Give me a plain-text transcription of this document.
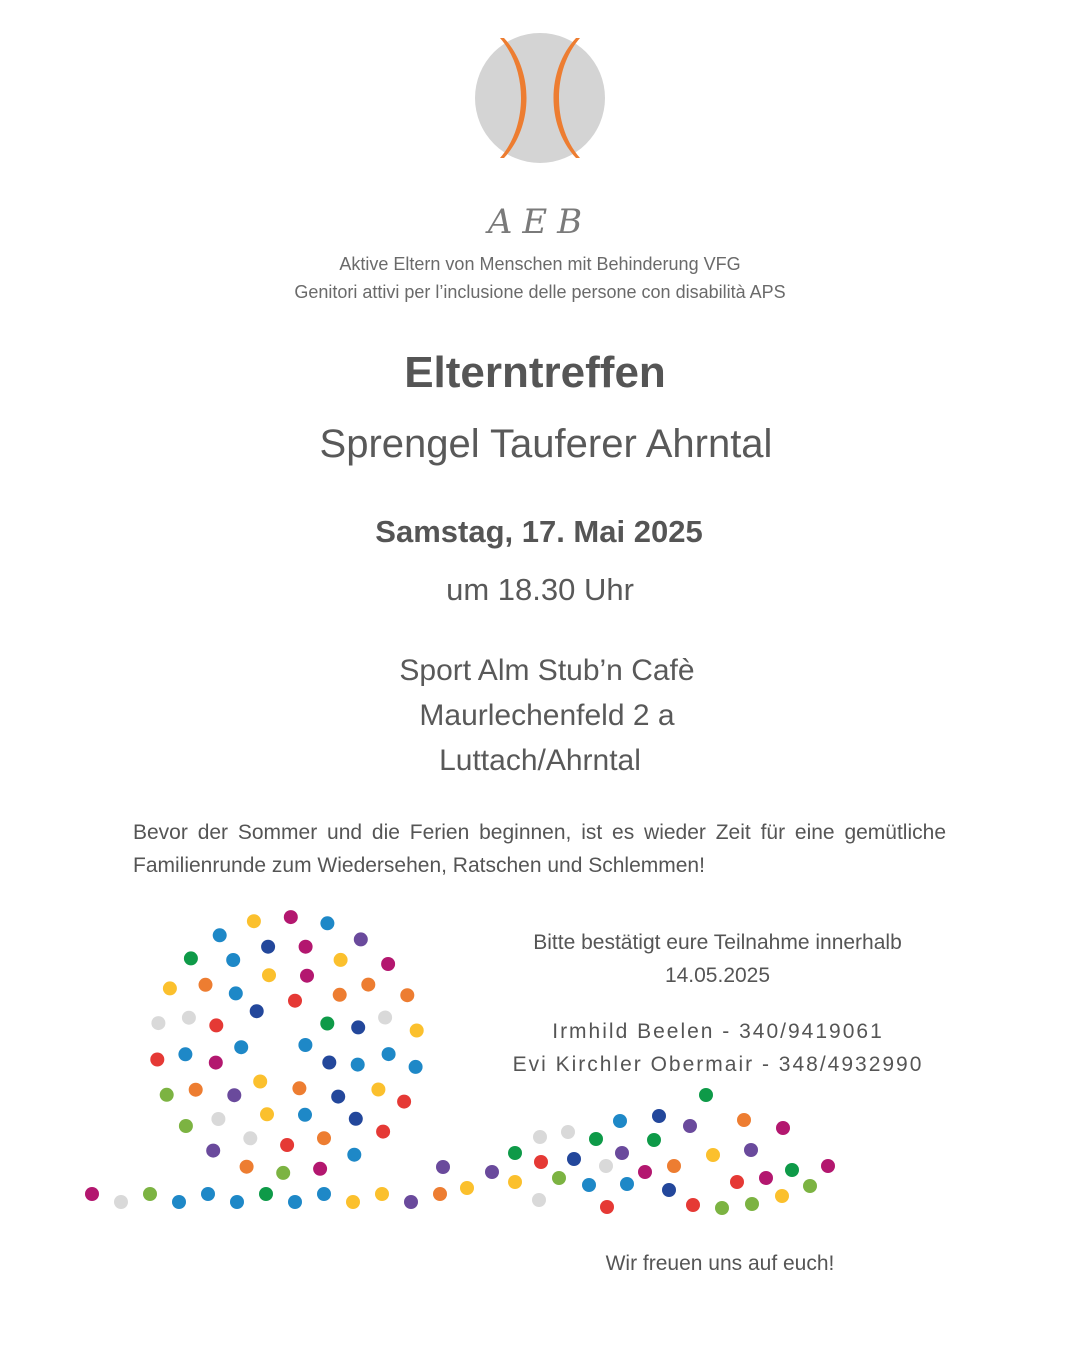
AEB
Aktive Eltern von Menschen mit Behinderung VFG
Genitori attivi per l’inclusione delle persone con disabilità APS
Elterntreffen
Sprengel Tauferer Ahrntal
Samstag, 17. Mai 2025
um 18.30 Uhr
Sport Alm Stub’n Cafè
Maurlechenfeld 2 a
Luttach/Ahrntal
Bevor der Sommer und die Ferien beginnen, ist es wieder Zeit für eine gemütliche Familienrunde zum Wiedersehen, Ratschen und Schlemmen!
Bitte bestätigt eure Teilnahme innerhalb
14.05.2025
Irmhild Beelen - 340/9419061
Evi Kirchler Obermair - 348/4932990
Wir freuen uns auf euch!
